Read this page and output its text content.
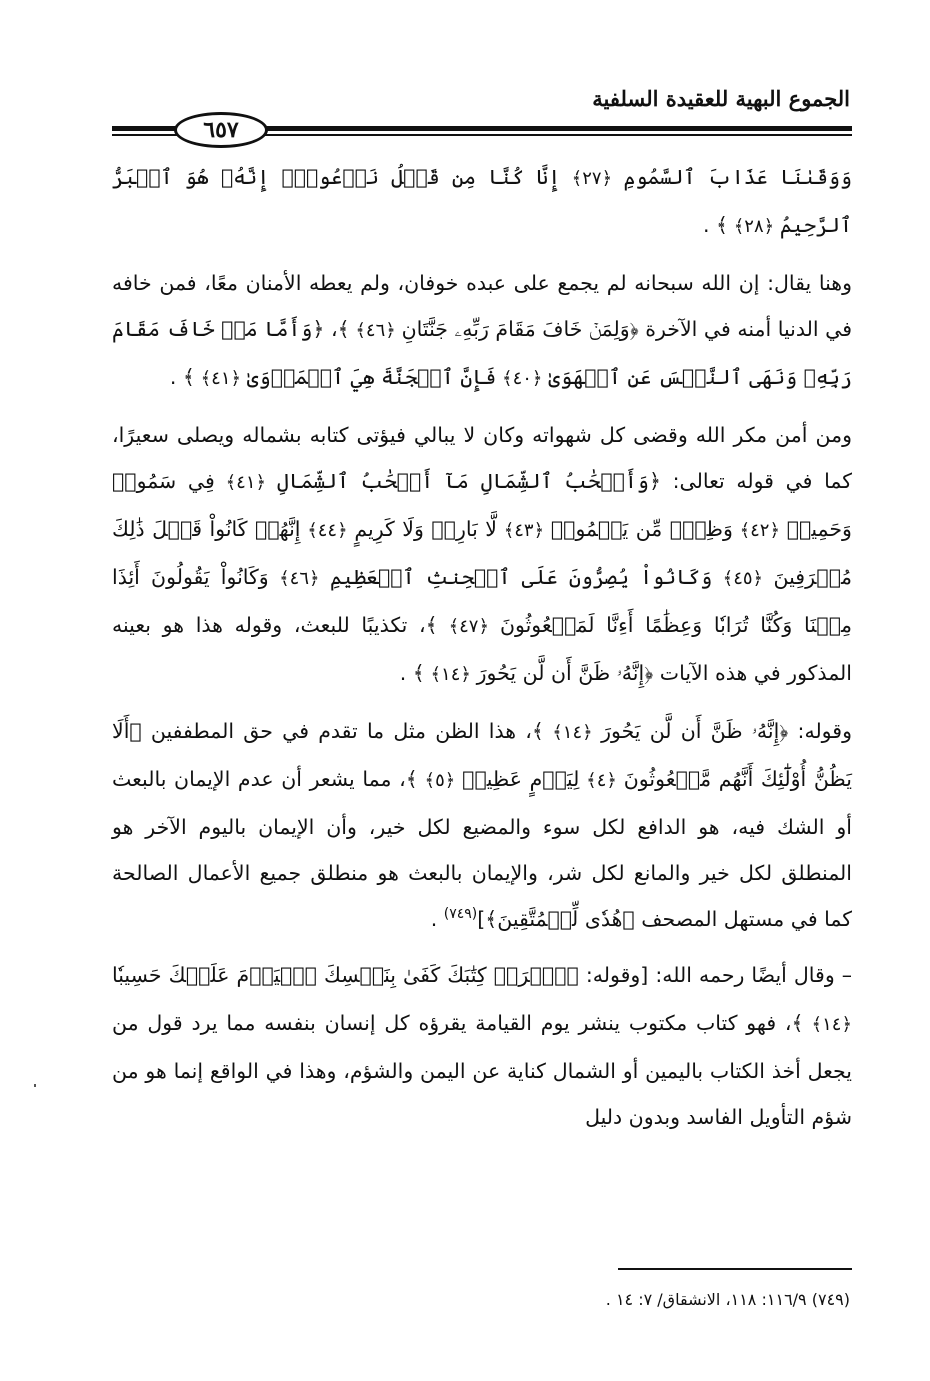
الجموع البهية للعقيدة السلفية
٦٥٧

وَوَقَىٰنَا عَذَابَ ٱلسَّمُومِ ﴿٢٧﴾ إِنَّا كُنَّا مِن قَبۡلُ نَدۡعُوهُۖ إِنَّهُۥ هُوَ ٱلۡبَرُّ ٱلرَّحِيمُ ﴿٢٨﴾ ﴾ .

وهنا يقال: إن الله سبحانه لم يجمع على عبده خوفان، ولم يعطه الأمنان معًا، فمن خافه في الدنيا أمنه في الآخرة ﴿وَلِمَنۡ خَافَ مَقَامَ رَبِّهِۦ جَنَّتَانِ ﴿٤٦﴾ ﴾، ﴿وَأَمَّا مَنۡ خَافَ مَقَامَ رَبِّهِۦ وَنَهَى ٱلنَّفۡسَ عَنِ ٱلۡهَوَىٰ ﴿٤٠﴾ فَإِنَّ ٱلۡجَنَّةَ هِيَ ٱلۡمَأۡوَىٰ ﴿٤١﴾ ﴾ .

ومن أمن مكر الله وقضى كل شهواته وكان لا يبالي فيؤتى كتابه بشماله ويصلى سعيرًا، كما في قوله تعالى: ﴿وَأَصۡحَٰبُ ٱلشِّمَالِ مَآ أَصۡحَٰبُ ٱلشِّمَالِ ﴿٤١﴾ فِي سَمُومٖ وَحَمِيمٖ ﴿٤٢﴾ وَظِلّٖ مِّن يَحۡمُومٖ ﴿٤٣﴾ لَّا بَارِدٖ وَلَا كَرِيمٍ ﴿٤٤﴾ إِنَّهُمۡ كَانُواْ قَبۡلَ ذَٰلِكَ مُتۡرَفِينَ ﴿٤٥﴾ وَكَانُواْ يُصِرُّونَ عَلَى ٱلۡحِنثِ ٱلۡعَظِيمِ ﴿٤٦﴾ وَكَانُواْ يَقُولُونَ أَئِذَا مِتۡنَا وَكُنَّا تُرَابٗا وَعِظَٰمًا أَءِنَّا لَمَبۡعُوثُونَ ﴿٤٧﴾ ﴾، تكذيبًا للبعث، وقوله هذا هو بعينه المذكور في هذه الآيات ﴿إِنَّهُۥ ظَنَّ أَن لَّن يَحُورَ ﴿١٤﴾ ﴾ .

وقوله: ﴿إِنَّهُۥ ظَنَّ أَن لَّن يَحُورَ ﴿١٤﴾ ﴾، هذا الظن مثل ما تقدم في حق المطففين ﴿أَلَا يَظُنُّ أُوْلَٰٓئِكَ أَنَّهُم مَّبۡعُوثُونَ ﴿٤﴾ لِيَوۡمٍ عَظِيمٖ ﴿٥﴾ ﴾، مما يشعر أن عدم الإيمان بالبعث أو الشك فيه، هو الدافع لكل سوء والمضيع لكل خير، وأن الإيمان باليوم الآخر هو المنطلق لكل خير والمانع لكل شر، والإيمان بالبعث هو منطلق جميع الأعمال الصالحة كما في مستهل المصحف ﴿هُدٗى لِّلۡمُتَّقِينَ﴾]$^{(٧٤٩)}$ .

– وقال أيضًا رحمه الله: [وقوله: ﴿ٱقۡرَأۡ كِتَٰبَكَ كَفَىٰ بِنَفۡسِكَ ٱلۡيَوۡمَ عَلَيۡكَ حَسِيبٗا ﴿١٤﴾ ﴾، فهو كتاب مكتوب ينشر يوم القيامة يقرؤه كل إنسان بنفسه مما يرد قول من يجعل أخذ الكتاب باليمين أو الشمال كناية عن اليمن والشؤم، وهذا في الواقع إنما هو من شؤم التأويل الفاسد وبدون دليل

(٧٤٩) ١١٦/٩: ١١٨، الانشقاق/ ٧: ١٤ .
